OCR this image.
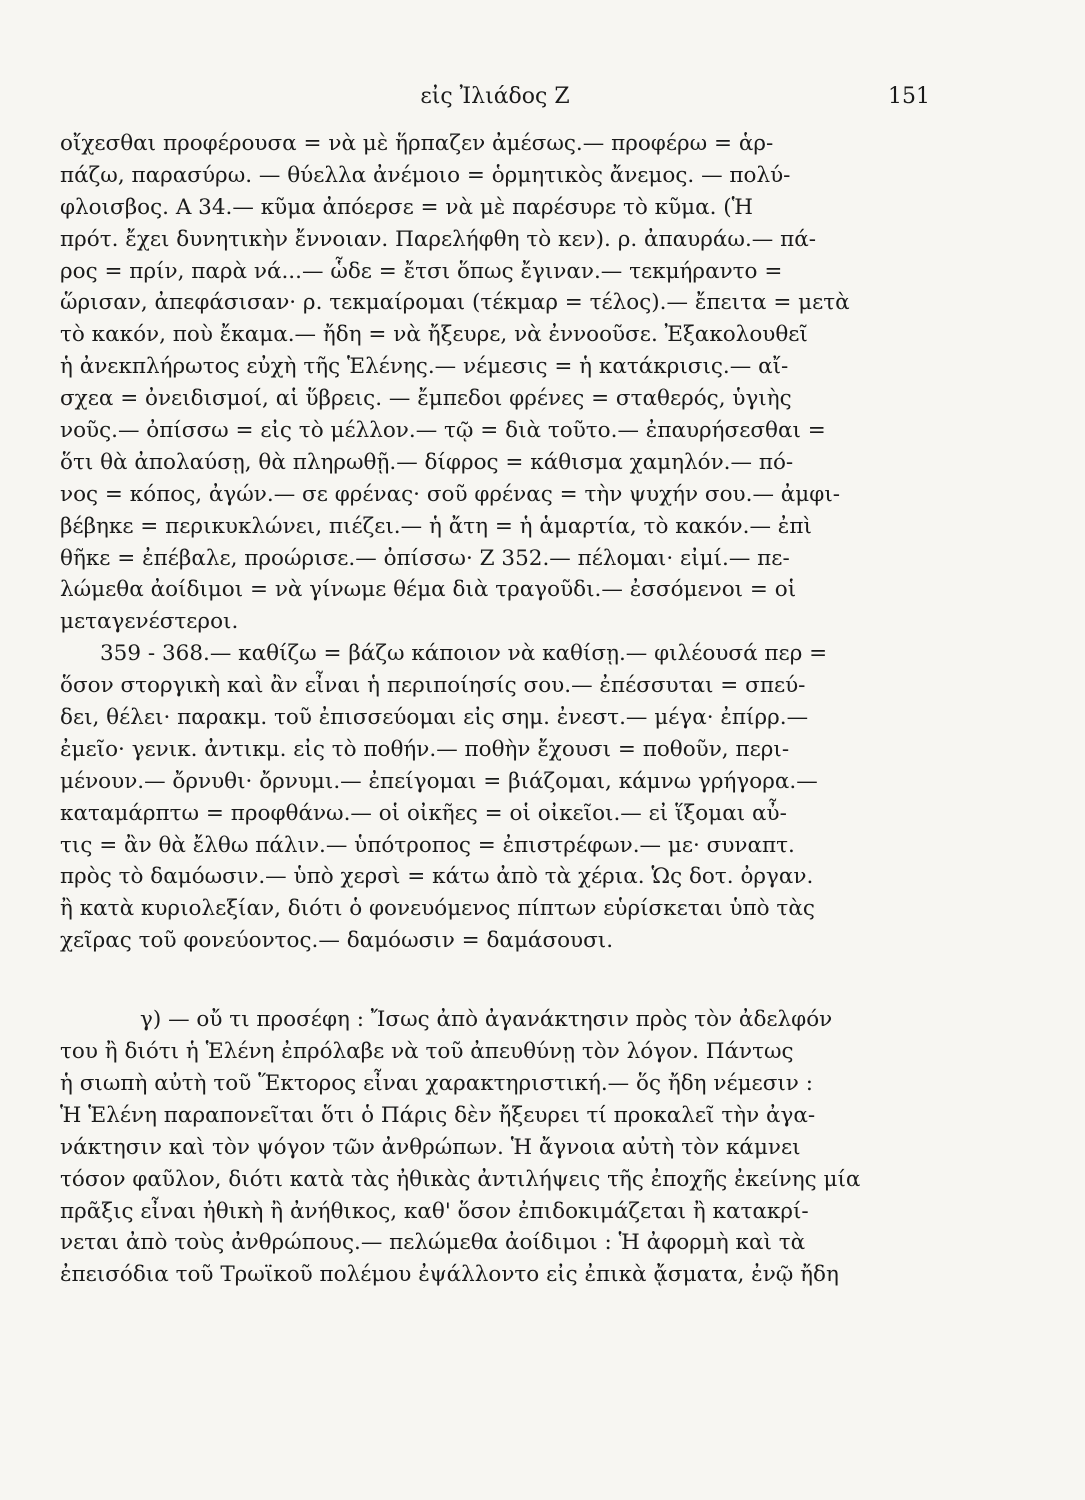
εἰς Ἰλιάδος Ζ	151
οἴχεσθαι προφέρουσα = νὰ μὲ ἥρπαζεν ἀμέσως.— προφέρω = ἁρ-
πάζω, παρασύρω. — θύελλα ἀνέμοιο = ὁρμητικὸς ἄνεμος. — πολύ-
φλοισβος. Α 34.— κῦμα ἀπόερσε = νὰ μὲ παρέσυρε τὸ κῦμα. (Ἡ
πρότ. ἔχει δυνητικὴν ἔννοιαν. Παρελήφθη τὸ κεν). ρ. ἀπαυράω.— πά-
ρος = πρίν, παρὰ νά...— ὧδε = ἔτσι ὅπως ἔγιναν.— τεκμήραντο =
ὥρισαν, ἀπεφάσισαν· ρ. τεκμαίρομαι (τέκμαρ = τέλος).— ἔπειτα = μετὰ
τὸ κακόν, ποὺ ἔκαμα.— ἤδη = νὰ ἤξευρε, νὰ ἐννοοῦσε. Ἐξακολουθεῖ
ἡ ἀνεκπλήρωτος εὐχὴ τῆς Ἑλένης.— νέμεσις = ἡ κατάκρισις.— αἴ-
σχεα = ὀνειδισμοί, αἱ ὕβρεις. — ἔμπεδοι φρένες = σταθερός, ὑγιὴς
νοῦς.— ὀπίσσω = εἰς τὸ μέλλον.— τῷ = διὰ τοῦτο.— ἐπαυρήσεσθαι =
ὅτι θὰ ἀπολαύσῃ, θὰ πληρωθῇ.— δίφρος = κάθισμα χαμηλόν.— πό-
νος = κόπος, ἀγών.— σε φρένας· σοῦ φρένας = τὴν ψυχήν σου.— ἀμφι-
βέβηκε = περικυκλώνει, πιέζει.— ἡ ἄτη = ἡ ἁμαρτία, τὸ κακόν.— ἐπὶ
θῆκε = ἐπέβαλε, προώρισε.— ὀπίσσω· Ζ 352.— πέλομαι· εἰμί.— πε-
λώμεθα ἀοίδιμοι = νὰ γίνωμε θέμα διὰ τραγοῦδι.— ἐσσόμενοι = οἱ
μεταγενέστεροι.
359 - 368.— καθίζω = βάζω κάποιον νὰ καθίσῃ.— φιλέουσά περ =
ὅσον στοργικὴ καὶ ἂν εἶναι ἡ περιποίησίς σου.— ἐπέσσυται = σπεύ-
δει, θέλει· παρακμ. τοῦ ἐπισσεύομαι εἰς σημ. ἐνεστ.— μέγα· ἐπίρρ.—
ἐμεῖο· γενικ. ἀντικμ. εἰς τὸ ποθήν.— ποθὴν ἔχουσι = ποθοῦν, περι-
μένουν.— ὄρνυθι· ὄρνυμι.— ἐπείγομαι = βιάζομαι, κάμνω γρήγορα.—
καταμάρπτω = προφθάνω.— οἱ οἰκῆες = οἱ οἰκεῖοι.— εἰ ἵξομαι αὖ-
τις = ἂν θὰ ἔλθω πάλιν.— ὑπότροπος = ἐπιστρέφων.— με· συναπτ.
πρὸς τὸ δαμόωσιν.— ὑπὸ χερσὶ = κάτω ἀπὸ τὰ χέρια. Ὡς δοτ. ὀργαν.
ἢ κατὰ κυριολεξίαν, διότι ὁ φονευόμενος πίπτων εὑρίσκεται ὑπὸ τὰς
χεῖρας τοῦ φονεύοντος.— δαμόωσιν = δαμάσουσι.
γ) — οὔ τι προσέφη : Ἴσως ἀπὸ ἀγανάκτησιν πρὸς τὸν ἀδελφόν
του ἢ διότι ἡ Ἑλένη ἐπρόλαβε νὰ τοῦ ἀπευθύνῃ τὸν λόγον. Πάντως
ἡ σιωπὴ αὐτὴ τοῦ Ἕκτορος εἶναι χαρακτηριστική.— ὅς ἤδη νέμεσιν :
Ἡ Ἑλένη παραπονεῖται ὅτι ὁ Πάρις δὲν ἤξευρει τί προκαλεῖ τὴν ἀγα-
νάκτησιν καὶ τὸν ψόγον τῶν ἀνθρώπων. Ἡ ἄγνοια αὐτὴ τὸν κάμνει
τόσον φαῦλον, διότι κατὰ τὰς ἠθικὰς ἀντιλήψεις τῆς ἐποχῆς ἐκείνης μία
πρᾶξις εἶναι ἠθικὴ ἢ ἀνήθικος, καθ' ὅσον ἐπιδοκιμάζεται ἢ κατακρί-
νεται ἀπὸ τοὺς ἀνθρώπους.— πελώμεθα ἀοίδιμοι : Ἡ ἀφορμὴ καὶ τὰ
ἐπεισόδια τοῦ Τρωϊκοῦ πολέμου ἐψάλλοντο εἰς ἐπικὰ ᾄσματα, ἐνῷ ἤδη
